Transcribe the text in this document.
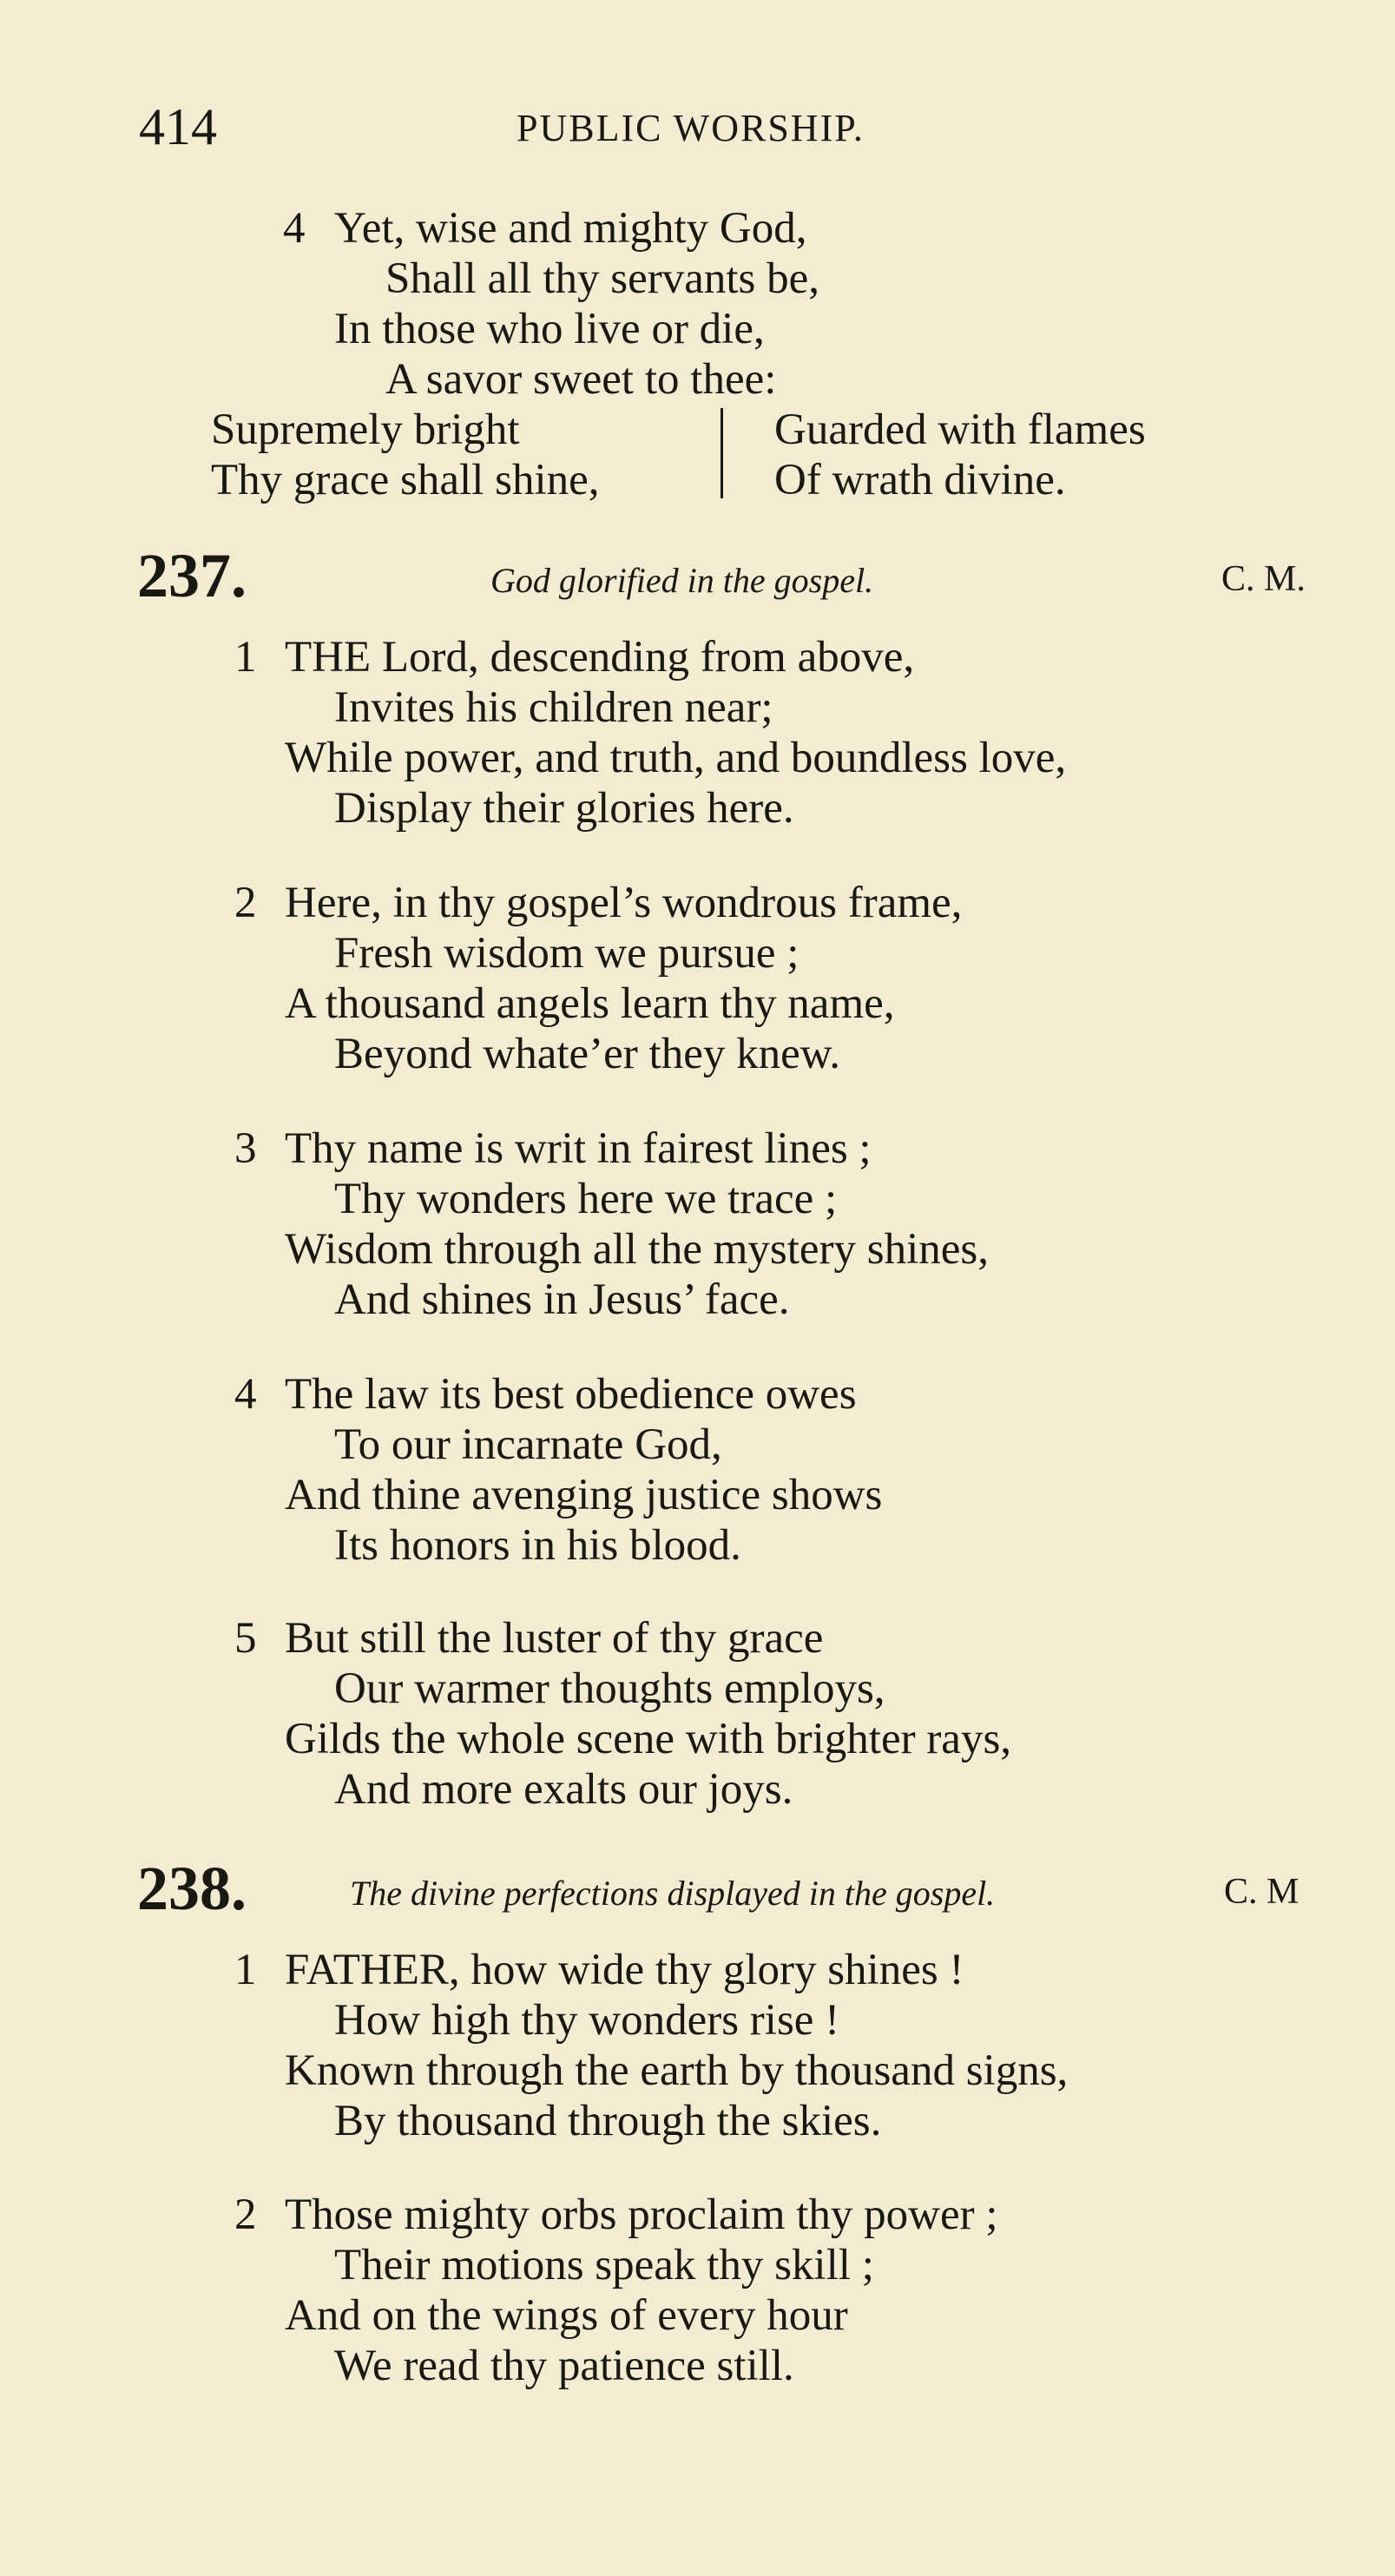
414	PUBLIC WORSHIP.
4 Yet, wise and mighty God,
Shall all thy servants be,
In those who live or die,
A savor sweet to thee:
Supremely bright
Thy grace shall shine,
Guarded with flames
Of wrath divine.
237.	God glorified in the gospel.	C. M.
1 THE Lord, descending from above,
Invites his children near;
While power, and truth, and boundless love,
Display their glories here.
2 Here, in thy gospel’s wondrous frame,
Fresh wisdom we pursue ;
A thousand angels learn thy name,
Beyond whate’er they knew.
3 Thy name is writ in fairest lines ;
Thy wonders here we trace ;
Wisdom through all the mystery shines,
And shines in Jesus’ face.
4 The law its best obedience owes
To our incarnate God,
And thine avenging justice shows
Its honors in his blood.
5 But still the luster of thy grace
Our warmer thoughts employs,
Gilds the whole scene with brighter rays,
And more exalts our joys.
238.	The divine perfections displayed in the gospel.	C. M
1 FATHER, how wide thy glory shines !
How high thy wonders rise !
Known through the earth by thousand signs,
By thousand through the skies.
2 Those mighty orbs proclaim thy power ;
Their motions speak thy skill ;
And on the wings of every hour
We read thy patience still.
